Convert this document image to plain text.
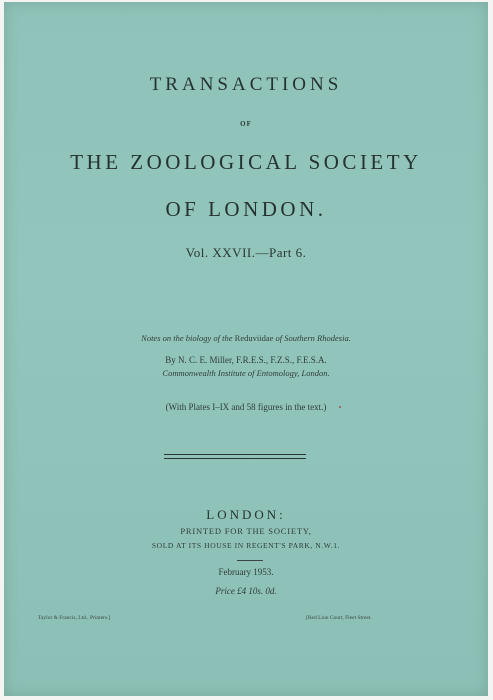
TRANSACTIONS
OF
THE ZOOLOGICAL SOCIETY
OF LONDON.
Vol. XXVII.—Part 6.
Notes on the biology of the Reduviidae of Southern Rhodesia.
By N. C. E. Miller, F.R.E.S., F.Z.S., F.E.S.A.
Commonwealth Institute of Entomology, London.
(With Plates I–IX and 58 figures in the text.)
LONDON:
PRINTED FOR THE SOCIETY,
SOLD AT ITS HOUSE IN REGENT'S PARK, N.W.1.
February 1953.
Price £4 10s. 0d.
Taylor & Francis, Ltd., Printers.]	[Red Lion Court, Fleet Street.
